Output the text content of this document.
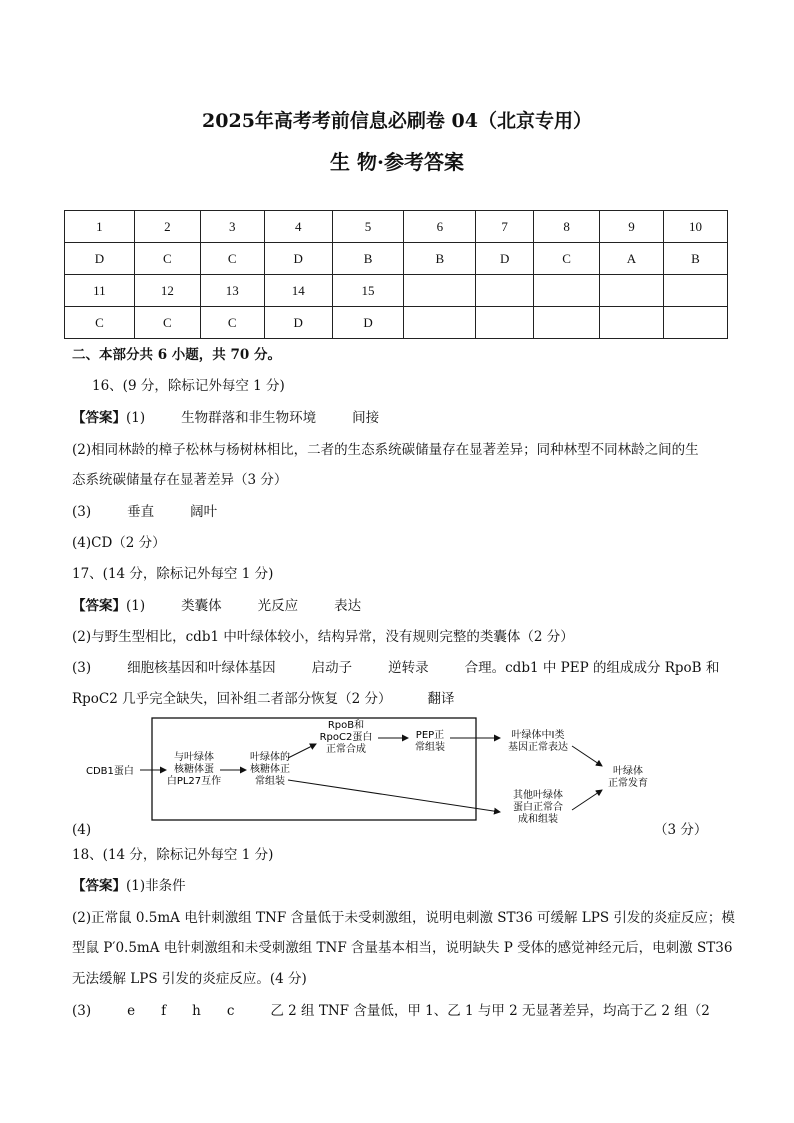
2025年高考考前信息必刷卷 04（北京专用）
生 物·参考答案
1	2	3	4	5	6	7	8	9	10
D	C	C	D	B	B	D	C	A	B
11	12	13	14	15					
C	C	C	D	D					
二、本部分共 6 小题，共 70 分。
16、(9 分，除标记外每空 1 分)
【答案】(1)	生物群落和非生物环境	间接
(2)相同林龄的樟子松林与杨树林相比，二者的生态系统碳储量存在显著差异；同种林型不同林龄之间的生
态系统碳储量存在显著差异（3 分）
(3)	垂直	阔叶
(4)CD（2 分）
17、(14 分，除标记外每空 1 分)
【答案】(1)	类囊体	光反应	表达
(2)与野生型相比，cdb1 中叶绿体较小，结构异常，没有规则完整的类囊体（2 分）
(3)	细胞核基因和叶绿体基因	启动子	逆转录	合理。cdb1 中 PEP 的组成成分 RpoB 和
RpoC2 几乎完全缺失，回补组二者部分恢复（2 分）	翻译
CDB1蛋白
与叶绿体
核糖体蛋
白PL27互作
叶绿体的
核糖体正
常组装
RpoB和
RpoC2蛋白
正常合成
PEP正
常组装
叶绿体中I类
基因正常表达
其他叶绿体
蛋白正常合
成和组装
叶绿体
正常发育
(4)	（3 分）
18、(14 分，除标记外每空 1 分)
【答案】(1)非条件
(2)正常鼠 0.5mA 电针刺激组 TNF 含量低于未受刺激组，说明电刺激 ST36 可缓解 LPS 引发的炎症反应；模
型鼠 P′0.5mA 电针刺激组和未受刺激组 TNF 含量基本相当，说明缺失 P 受体的感觉神经元后，电刺激 ST36
无法缓解 LPS 引发的炎症反应。(4 分)
(3)	e f h c	乙 2 组 TNF 含量低，甲 1、乙 1 与甲 2 无显著差异，均高于乙 2 组（2
